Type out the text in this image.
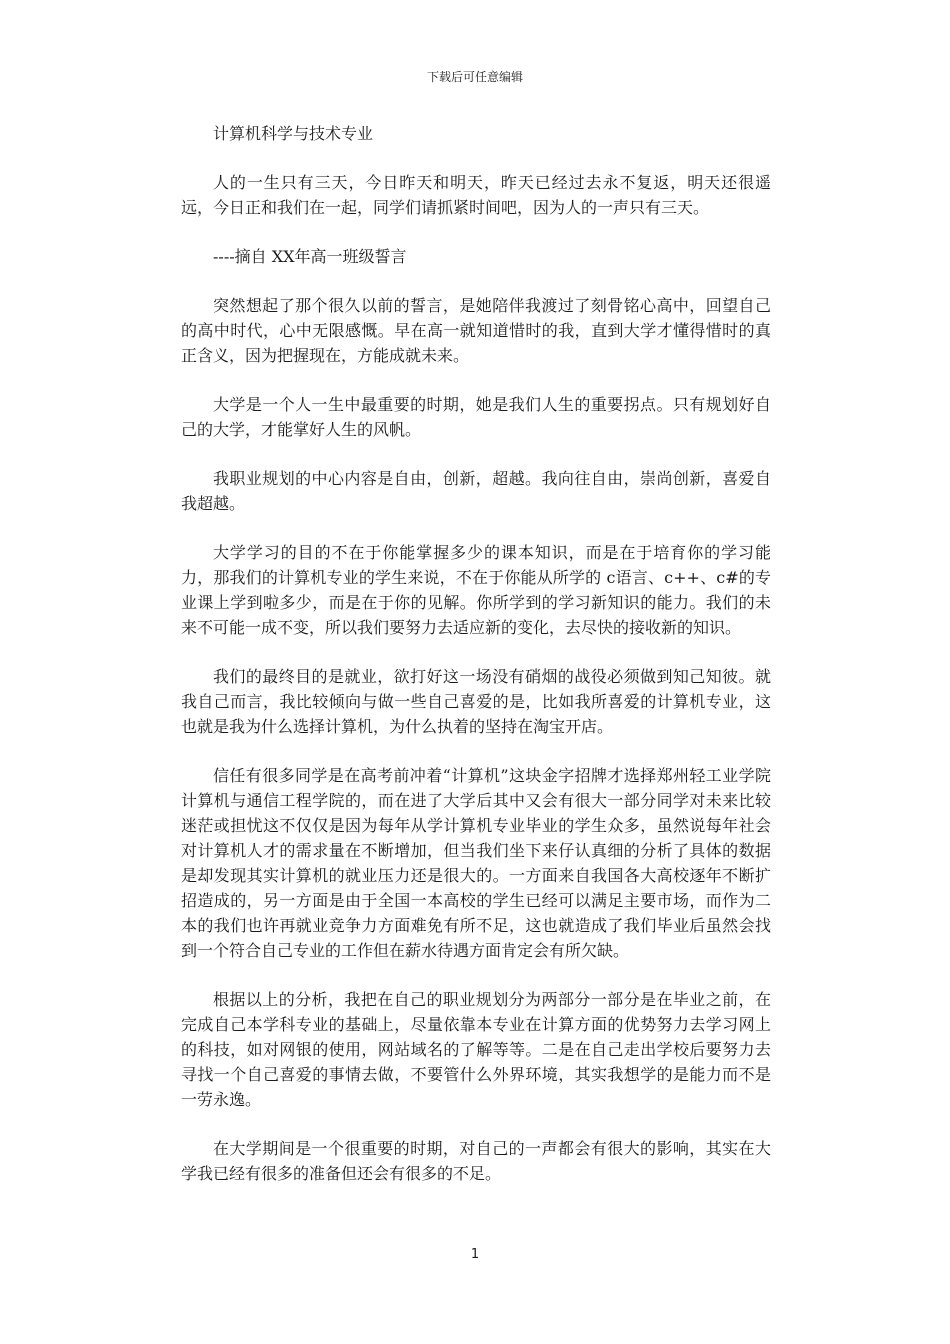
下载后可任意编辑

计算机科学与技术专业

人的一生只有三天，今日昨天和明天，昨天已经过去永不复返，明天还很遥远，今日正和我们在一起，同学们请抓紧时间吧，因为人的一声只有三天。

----摘自 XX年高一班级誓言

突然想起了那个很久以前的誓言，是她陪伴我渡过了刻骨铭心高中，回望自己的高中时代，心中无限感慨。早在高一就知道惜时的我，直到大学才懂得惜时的真正含义，因为把握现在，方能成就未来。

大学是一个人一生中最重要的时期，她是我们人生的重要拐点。只有规划好自己的大学，才能掌好人生的风帆。

我职业规划的中心内容是自由，创新，超越。我向往自由，崇尚创新，喜爱自我超越。

大学学习的目的不在于你能掌握多少的课本知识，而是在于培育你的学习能力，那我们的计算机专业的学生来说，不在于你能从所学的 c语言、c++、c#的专业课上学到啦多少，而是在于你的见解。你所学到的学习新知识的能力。我们的未来不可能一成不变，所以我们要努力去适应新的变化，去尽快的接收新的知识。

我们的最终目的是就业，欲打好这一场没有硝烟的战役必须做到知己知彼。就我自己而言，我比较倾向与做一些自己喜爱的是，比如我所喜爱的计算机专业，这也就是我为什么选择计算机，为什么执着的坚持在淘宝开店。

信任有很多同学是在高考前冲着“计算机”这块金字招牌才选择郑州轻工业学院计算机与通信工程学院的，而在进了大学后其中又会有很大一部分同学对未来比较迷茫或担忧这不仅仅是因为每年从学计算机专业毕业的学生众多，虽然说每年社会对计算机人才的需求量在不断增加，但当我们坐下来仔认真细的分析了具体的数据是却发现其实计算机的就业压力还是很大的。一方面来自我国各大高校逐年不断扩招造成的，另一方面是由于全国一本高校的学生已经可以满足主要市场，而作为二本的我们也许再就业竞争力方面难免有所不足，这也就造成了我们毕业后虽然会找到一个符合自己专业的工作但在薪水待遇方面肯定会有所欠缺。

根据以上的分析，我把在自己的职业规划分为两部分一部分是在毕业之前，在完成自己本学科专业的基础上，尽量依靠本专业在计算方面的优势努力去学习网上的科技，如对网银的使用，网站域名的了解等等。二是在自己走出学校后要努力去寻找一个自己喜爱的事情去做，不要管什么外界环境，其实我想学的是能力而不是一劳永逸。

在大学期间是一个很重要的时期，对自己的一声都会有很大的影响，其实在大学我已经有很多的准备但还会有很多的不足。

1
